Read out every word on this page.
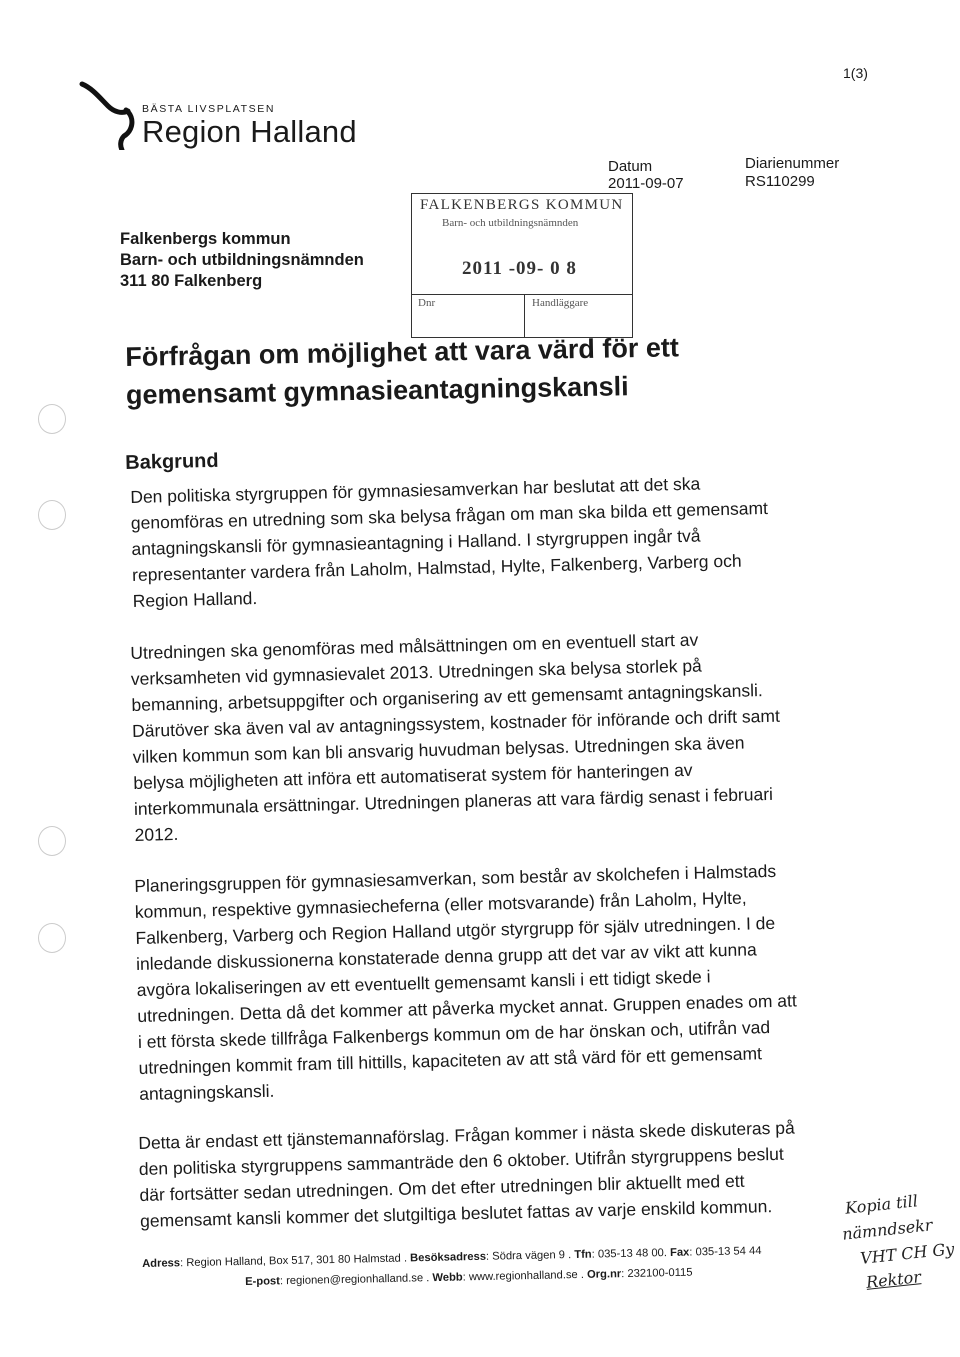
BÄSTA LIVSPLATSEN
Region Halland
1(3)
Datum
2011-09-07
Diarienummer
RS110299
Falkenbergs kommun
Barn- och utbildningsnämnden
311 80 Falkenberg
FALKENBERGS KOMMUN
Barn- och utbildningsnämnden
2011 -09- 0 8
Dnr	Handläggare
Förfrågan om möjlighet att vara värd för ett
gemensamt gymnasieantagningskansli
Bakgrund
Den politiska styrgruppen för gymnasiesamverkan har beslutat att det ska
genomföras en utredning som ska belysa frågan om man ska bilda ett gemensamt
antagningskansli för gymnasieantagning i Halland. I styrgruppen ingår två
representanter vardera från Laholm, Halmstad, Hylte, Falkenberg, Varberg och
Region Halland.
Utredningen ska genomföras med målsättningen om en eventuell start av
verksamheten vid gymnasievalet 2013. Utredningen ska belysa storlek på
bemanning, arbetsuppgifter och organisering av ett gemensamt antagningskansli.
Därutöver ska även val av antagningssystem, kostnader för införande och drift samt
vilken kommun som kan bli ansvarig huvudman belysas. Utredningen ska även
belysa möjligheten att införa ett automatiserat system för hanteringen av
interkommunala ersättningar. Utredningen planeras att vara färdig senast i februari
2012.
Planeringsgruppen för gymnasiesamverkan, som består av skolchefen i Halmstads
kommun, respektive gymnasiecheferna (eller motsvarande) från Laholm, Hylte,
Falkenberg, Varberg och Region Halland utgör styrgrupp för själv utredningen. I de
inledande diskussionerna konstaterade denna grupp att det var av vikt att kunna
avgöra lokaliseringen av ett eventuellt gemensamt kansli i ett tidigt skede i
utredningen. Detta då det kommer att påverka mycket annat. Gruppen enades om att
i ett första skede tillfråga Falkenbergs kommun om de har önskan och, utifrån vad
utredningen kommit fram till hittills, kapaciteten av att stå värd för ett gemensamt
antagningskansli.
Detta är endast ett tjänstemannaförslag. Frågan kommer i nästa skede diskuteras på
den politiska styrgruppens sammanträde den 6 oktober. Utifrån styrgruppens beslut
där fortsätter sedan utredningen. Om det efter utredningen blir aktuellt med ett
gemensamt kansli kommer det slutgiltiga beslutet fattas av varje enskild kommun.	Kopia till
nämndsekr
VHT CH Gy
Rektor
Adress: Region Halland, Box 517, 301 80 Halmstad . Besöksadress: Södra vägen 9 . Tfn: 035-13 48 00. Fax: 035-13 54 44
E-post: regionen@regionhalland.se . Webb: www.regionhalland.se . Org.nr: 232100-0115
